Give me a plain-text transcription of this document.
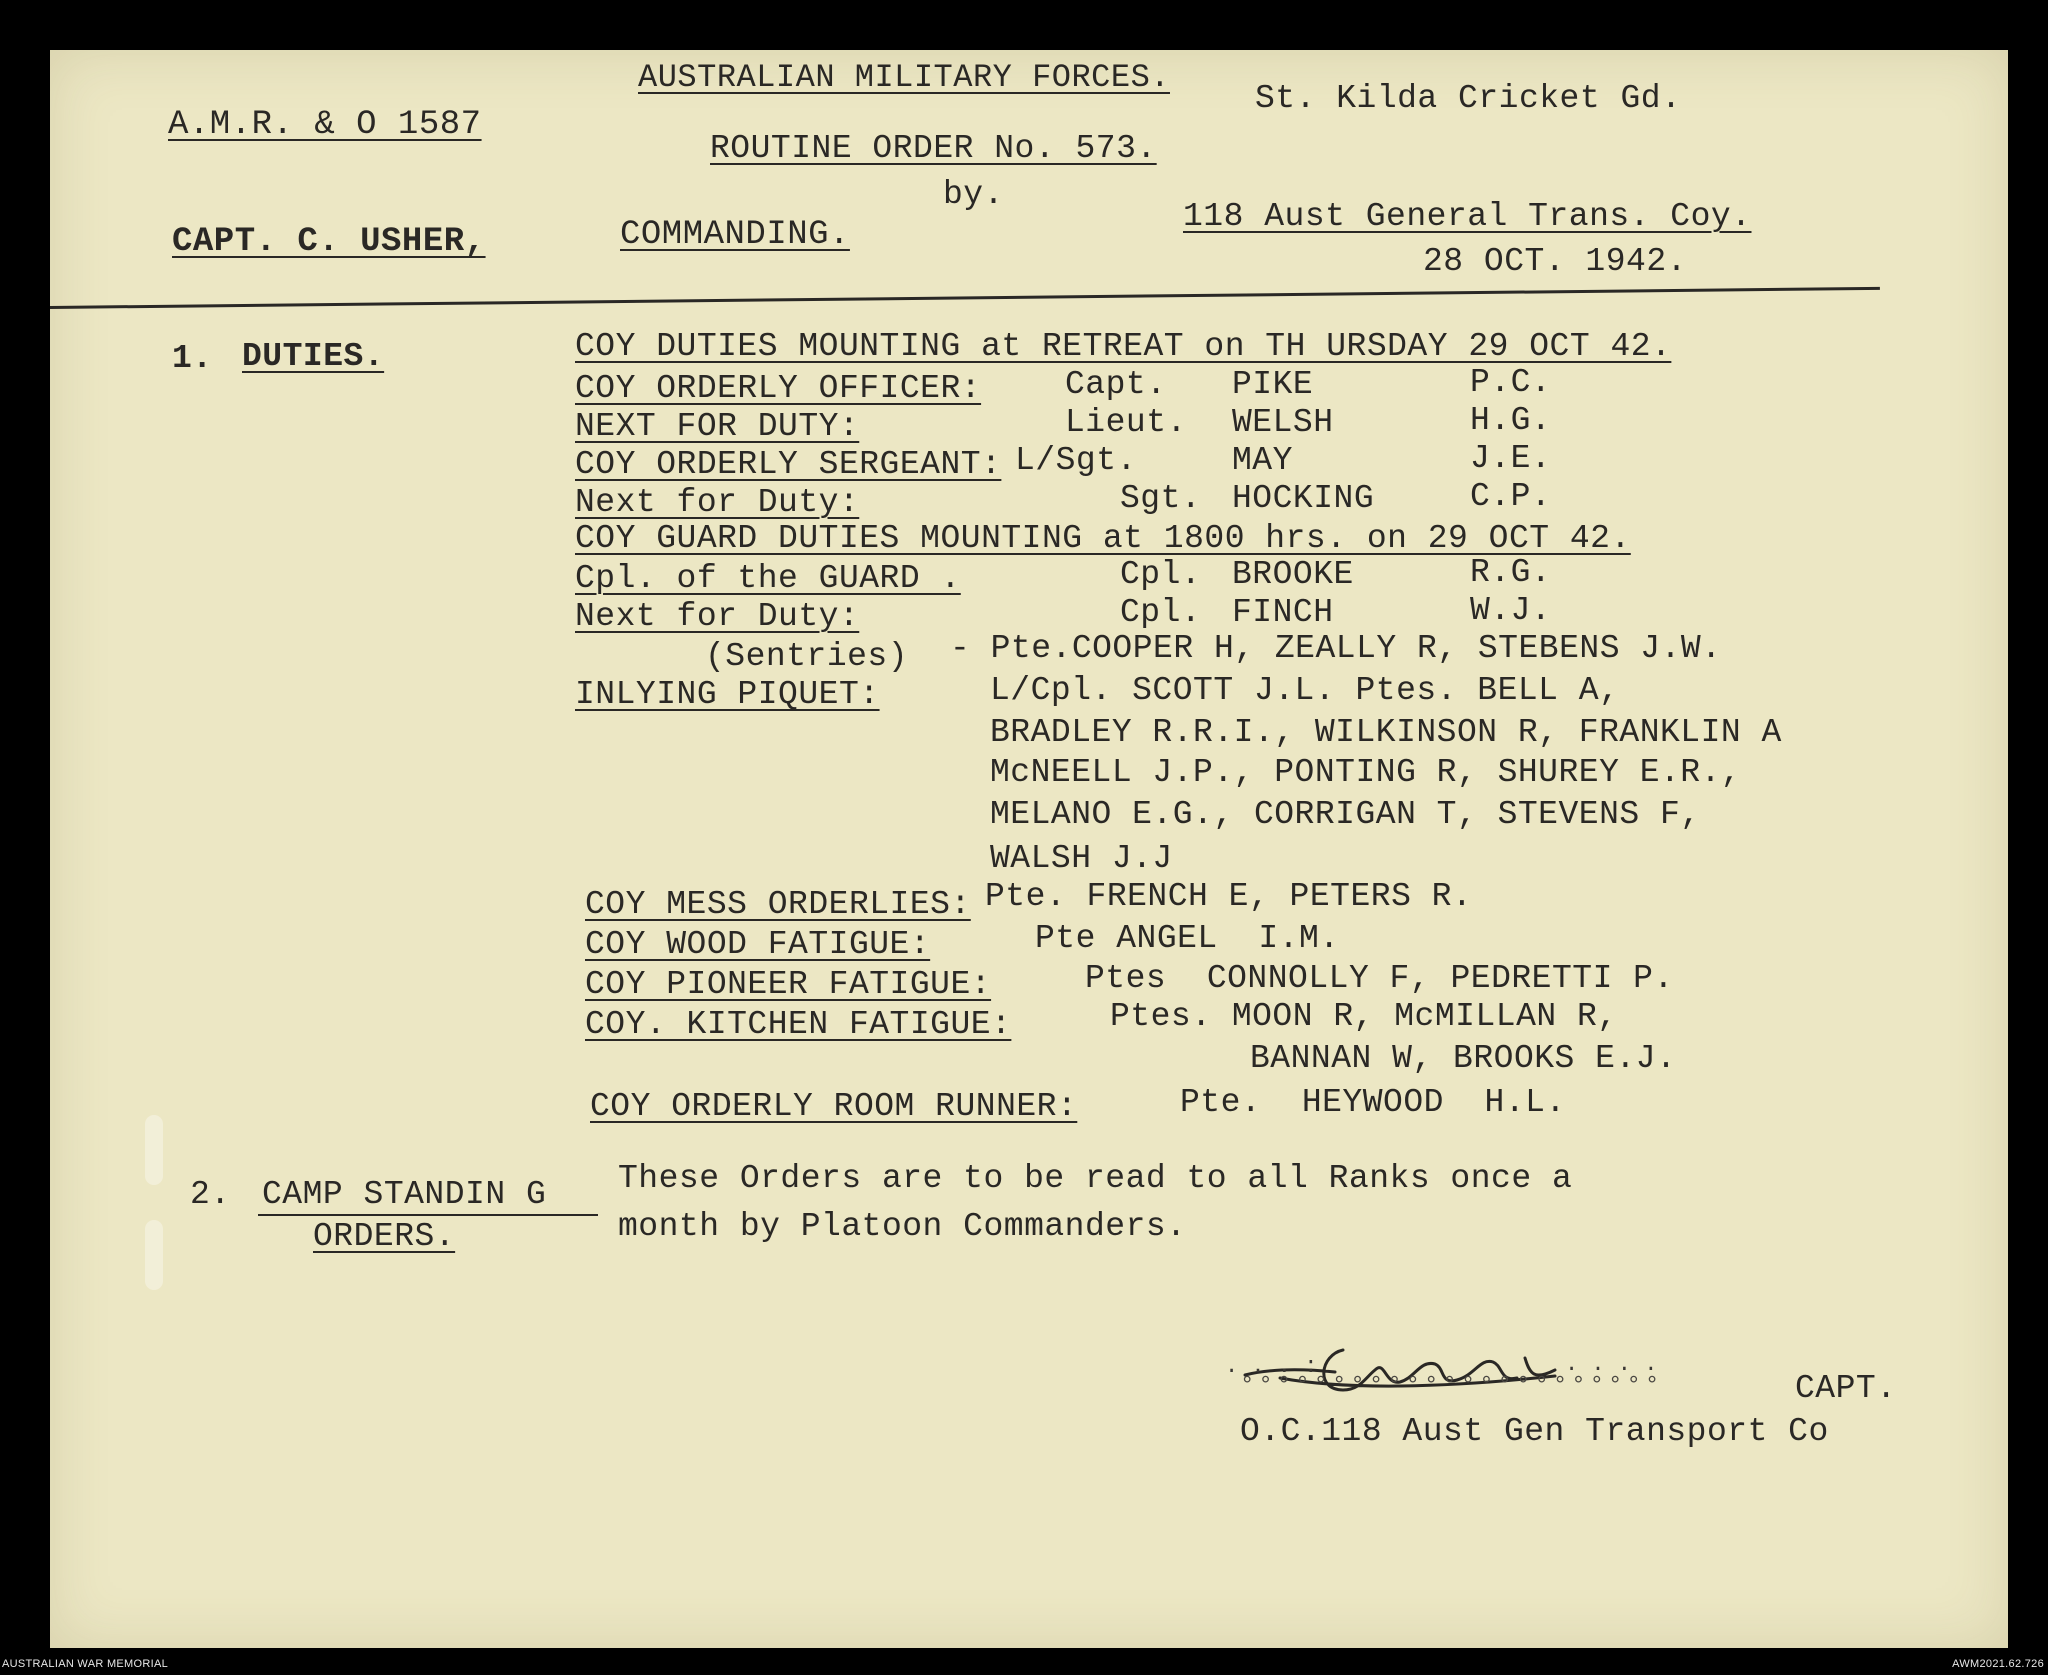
AUSTRALIAN MILITARY FORCES.
St. Kilda Cricket Gd.
A.M.R. & O 1587
ROUTINE ORDER No. 573.
by.
CAPT. C. USHER,	COMMANDING.	118 Aust General Trans. Coy.
28 OCT. 1942.
1. DUTIES.	COY DUTIES MOUNTING at RETREAT on TH URSDAY 29 OCT 42.
COY ORDERLY OFFICER:	Capt. PIKE	P.C.
NEXT FOR DUTY:	Lieut. WELSH	H.G.
COY ORDERLY SERGEANT: L/Sgt.	MAY	J.E.
Next for Duty:	Sgt. HOCKING	C.P.
COY GUARD DUTIES MOUNTING at 1800 hrs. on 29 OCT 42.
Cpl. of the GUARD .	Cpl. BROOKE	R.G.
Next for Duty:	Cpl. FINCH	W.J.
(Sentries) - Pte.COOPER H, ZEALLY R, STEBENS J.W.
INLYING PIQUET:	L/Cpl. SCOTT J.L. Ptes. BELL A,
BRADLEY R.R.I., WILKINSON R, FRANKLIN A
McNEELL J.P., PONTING R, SHUREY E.R.,
MELANO E.G., CORRIGAN T, STEVENS F,
WALSH J.J
COY MESS ORDERLIES: Pte. FRENCH E, PETERS R.
COY WOOD FATIGUE:	Pte ANGEL  I.M.
COY PIONEER FATIGUE:	Ptes  CONNOLLY F, PEDRETTI P.
COY. KITCHEN FATIGUE:	Ptes. MOON R, McMILLAN R,
BANNAN W, BROOKS E.J.
COY ORDERLY ROOM RUNNER:	Pte.  HEYWOOD  H.L.
2. CAMP STANDIN G
ORDERS.
These Orders are to be read to all Ranks once a
month by Platoon Commanders.
. . . :	. . . .
°°°°°°°°°°°°°°°°°°°°°°°	CAPT.
O.C.118 Aust Gen Transport Co
AUSTRALIAN WAR MEMORIAL	AWM2021.62.726
